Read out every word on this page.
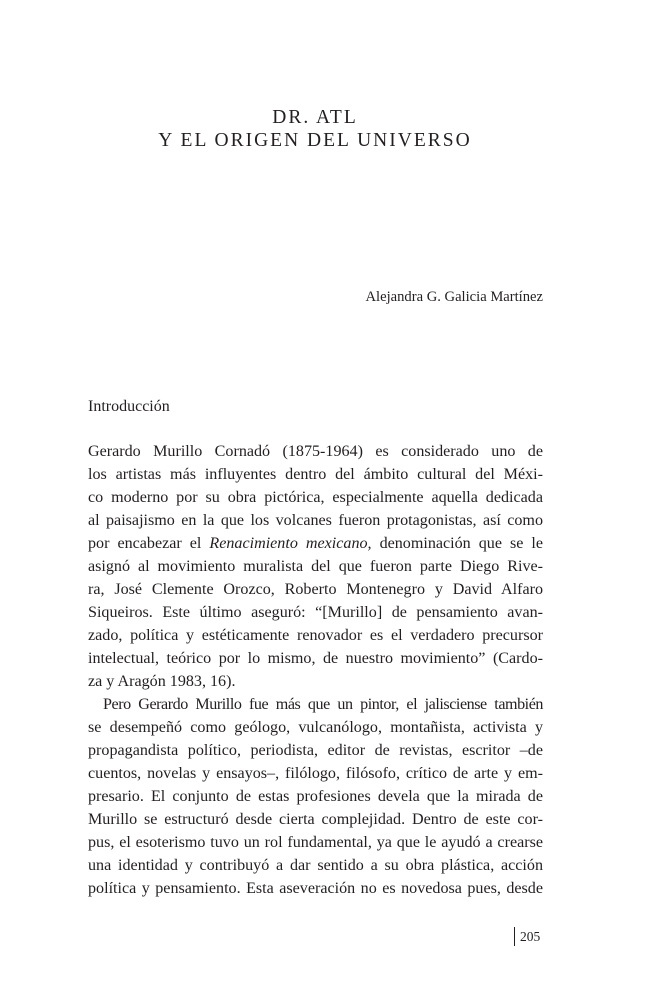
DR. ATL
Y EL ORIGEN DEL UNIVERSO
Alejandra G. Galicia Martínez
Introducción
Gerardo Murillo Cornadó (1875-1964) es considerado uno de
los artistas más influyentes dentro del ámbito cultural del Méxi-
co moderno por su obra pictórica, especialmente aquella dedicada
al paisajismo en la que los volcanes fueron protagonistas, así como
por encabezar el Renacimiento mexicano, denominación que se le
asignó al movimiento muralista del que fueron parte Diego Rive-
ra, José Clemente Orozco, Roberto Montenegro y David Alfaro
Siqueiros. Este último aseguró: “[Murillo] de pensamiento avan-
zado, política y estéticamente renovador es el verdadero precursor
intelectual, teórico por lo mismo, de nuestro movimiento” (Cardo-
za y Aragón 1983, 16).
Pero Gerardo Murillo fue más que un pintor, el jalisciense también
se desempeñó como geólogo, vulcanólogo, montañista, activista y
propagandista político, periodista, editor de revistas, escritor –de
cuentos, novelas y ensayos–, filólogo, filósofo, crítico de arte y em-
presario. El conjunto de estas profesiones devela que la mirada de
Murillo se estructuró desde cierta complejidad. Dentro de este cor-
pus, el esoterismo tuvo un rol fundamental, ya que le ayudó a crearse
una identidad y contribuyó a dar sentido a su obra plástica, acción
política y pensamiento. Esta aseveración no es novedosa pues, desde
205
